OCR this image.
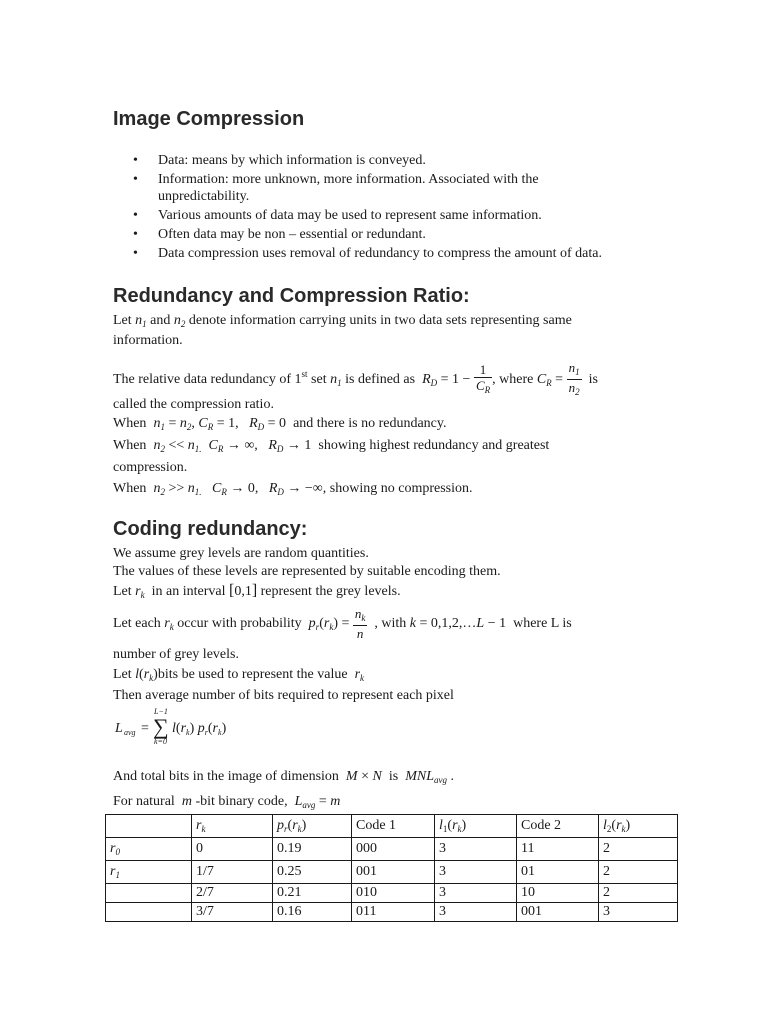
Image Compression
• Data: means by which information is conveyed.
• Information: more unknown, more information. Associated with the unpredictability.
• Various amounts of data may be used to represent same information.
• Often data may be non – essential or redundant.
• Data compression uses removal of redundancy to compress the amount of data.
Redundancy and Compression Ratio:
Let $n_1$ and $n_2$ denote information carrying units in two data sets representing same
information.
The relative data redundancy of 1st set $n_1$ is defined as $R_D = 1 - \frac{1}{C_R}$ , where $C_R = \frac{n_1}{n_2}$ is
called the compression ratio.
When $n_1 = n_2$, $C_R = 1$,   $R_D = 0$  and there is no redundancy.
When $n_2 << n_{1.}$ $C_R$ → ∞,   $R_D \to 1$  showing highest redundancy and greatest
compression.
When $n_2 >> n_{1.}$ $C_R \to 0$,   $R_D$ → −∞, showing no compression.
Coding redundancy:
We assume grey levels are random quantities.
The values of these levels are represented by suitable encoding them.
Let $r_k$ in an interval [0,1] represent the grey levels.
Let each $r_k$ occur with probability $p_r(r_k) = \frac{n_k}{n}$ , with k = 0,1,2,…L − 1  where L is
number of grey levels.
Let $l(r_k)bits$ be used to represent the value $r_k$
Then average number of bits required to represent each pixel
L avg =
L−1
∑
k=0
$l(r_k)$ $p_r(r_k)$
And total bits in the image of dimension M × N is $MNL_{avg}$ .
For natural m -bit binary code, $L_{avg} = m$
	$r_k$	$p_r(r_k)$	Code 1	$l_1(r_k)$	Code 2	$l_2(r_k)$
$r_0$	0	0.19	000	3	11	2
$r_1$	1/7	0.25	001	3	01	2
	2/7	0.21	010	3	10	2
	3/7	0.16	011	3	001	3
